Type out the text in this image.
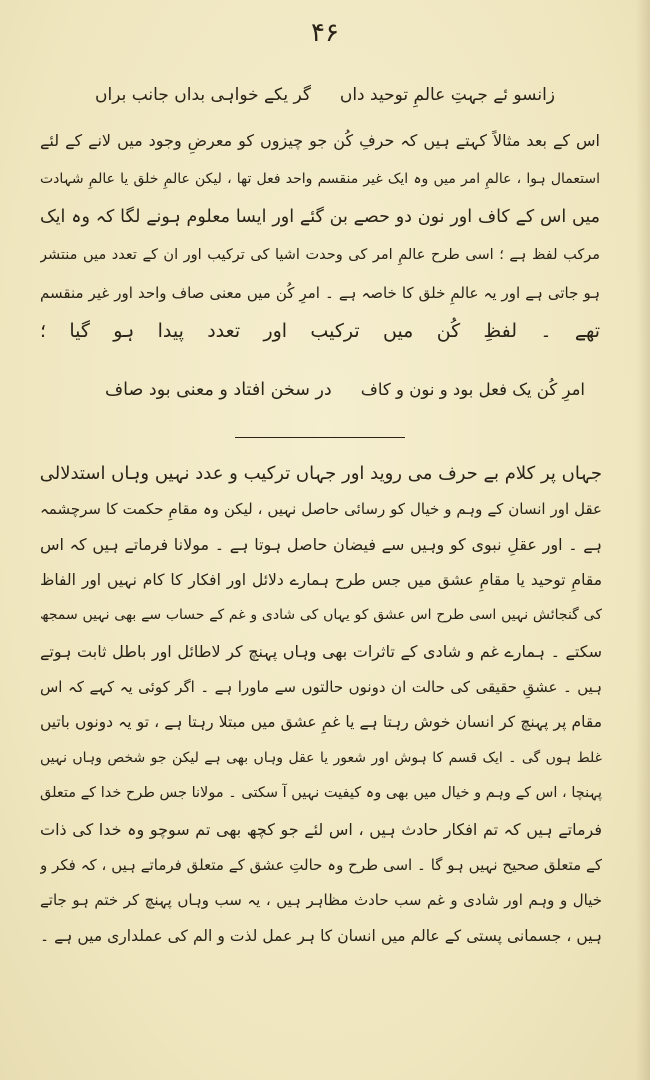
۴۶
زانسو ئے جہتِ عالمِ توحید داں
گر یکے خواہی بداں جانب براں
اس کے بعد مثالاً کہتے ہیں کہ حرفِ کُن جو چیزوں کو معرضِ وجود میں لانے کے لئے
استعمال ہوا ، عالمِ امر میں وہ ایک غیر منقسم واحد فعل تھا ، لیکن عالمِ خلق یا عالمِ شہادت
میں اس کے کاف اور نون دو حصے بن گئے اور ایسا معلوم ہونے لگا کہ وہ ایک
مرکب لفظ ہے ؛ اسی طرح عالمِ امر کی وحدت اشیا کی ترکیب اور ان کے تعدد میں منتشر
ہو جاتی ہے اور یہ عالمِ خلق کا خاصہ ہے ۔ امرِ کُن میں معنی صاف واحد اور غیر منقسم
تھے ۔ لفظِ کُن میں ترکیب اور تعدد پیدا ہو گیا ؛
امرِ کُن یک فعل بود و نون و کاف
در سخن افتاد و معنی بود صاف
جہاں پر کلام بے حرف می روید اور جہاں ترکیب و عدد نہیں وہاں استدلالی
عقل اور انسان کے وہم و خیال کو رسائی حاصل نہیں ، لیکن وہ مقامِ حکمت کا سرچشمہ
ہے ۔ اور عقلِ نبوی کو وہیں سے فیضان حاصل ہوتا ہے ۔ مولانا فرماتے ہیں کہ اس
مقامِ توحید یا مقامِ عشق میں جس طرح ہمارے دلائل اور افکار کا کام نہیں اور الفاظ
کی گنجائش نہیں اسی طرح اس عشق کو یہاں کی شادی و غم کے حساب سے بھی نہیں سمجھ
سکتے ۔ ہمارے غم و شادی کے تاثرات بھی وہاں پہنچ کر لاطائل اور باطل ثابت ہوتے
ہیں ۔ عشقِ حقیقی کی حالت ان دونوں حالتوں سے ماورا ہے ۔ اگر کوئی یہ کہے کہ اس
مقام پر پہنچ کر انسان خوش رہتا ہے یا غمِ عشق میں مبتلا رہتا ہے ، تو یہ دونوں باتیں
غلط ہوں گی ۔ ایک قسم کا ہوش اور شعور یا عقل وہاں بھی ہے لیکن جو شخص وہاں نہیں
پہنچا ، اس کے وہم و خیال میں بھی وہ کیفیت نہیں آ سکتی ۔ مولانا جس طرح خدا کے متعلق
فرماتے ہیں کہ تم افکار حادث ہیں ، اس لئے جو کچھ بھی تم سوچو وہ خدا کی ذات
کے متعلق صحیح نہیں ہو گا ۔ اسی طرح وہ حالتِ عشق کے متعلق فرماتے ہیں ، کہ فکر و
خیال و وہم اور شادی و غم سب حادث مظاہر ہیں ، یہ سب وہاں پہنچ کر ختم ہو جاتے
ہیں ، جسمانی پستی کے عالم میں انسان کا ہر عمل لذت و الم کی عملداری میں ہے ۔
